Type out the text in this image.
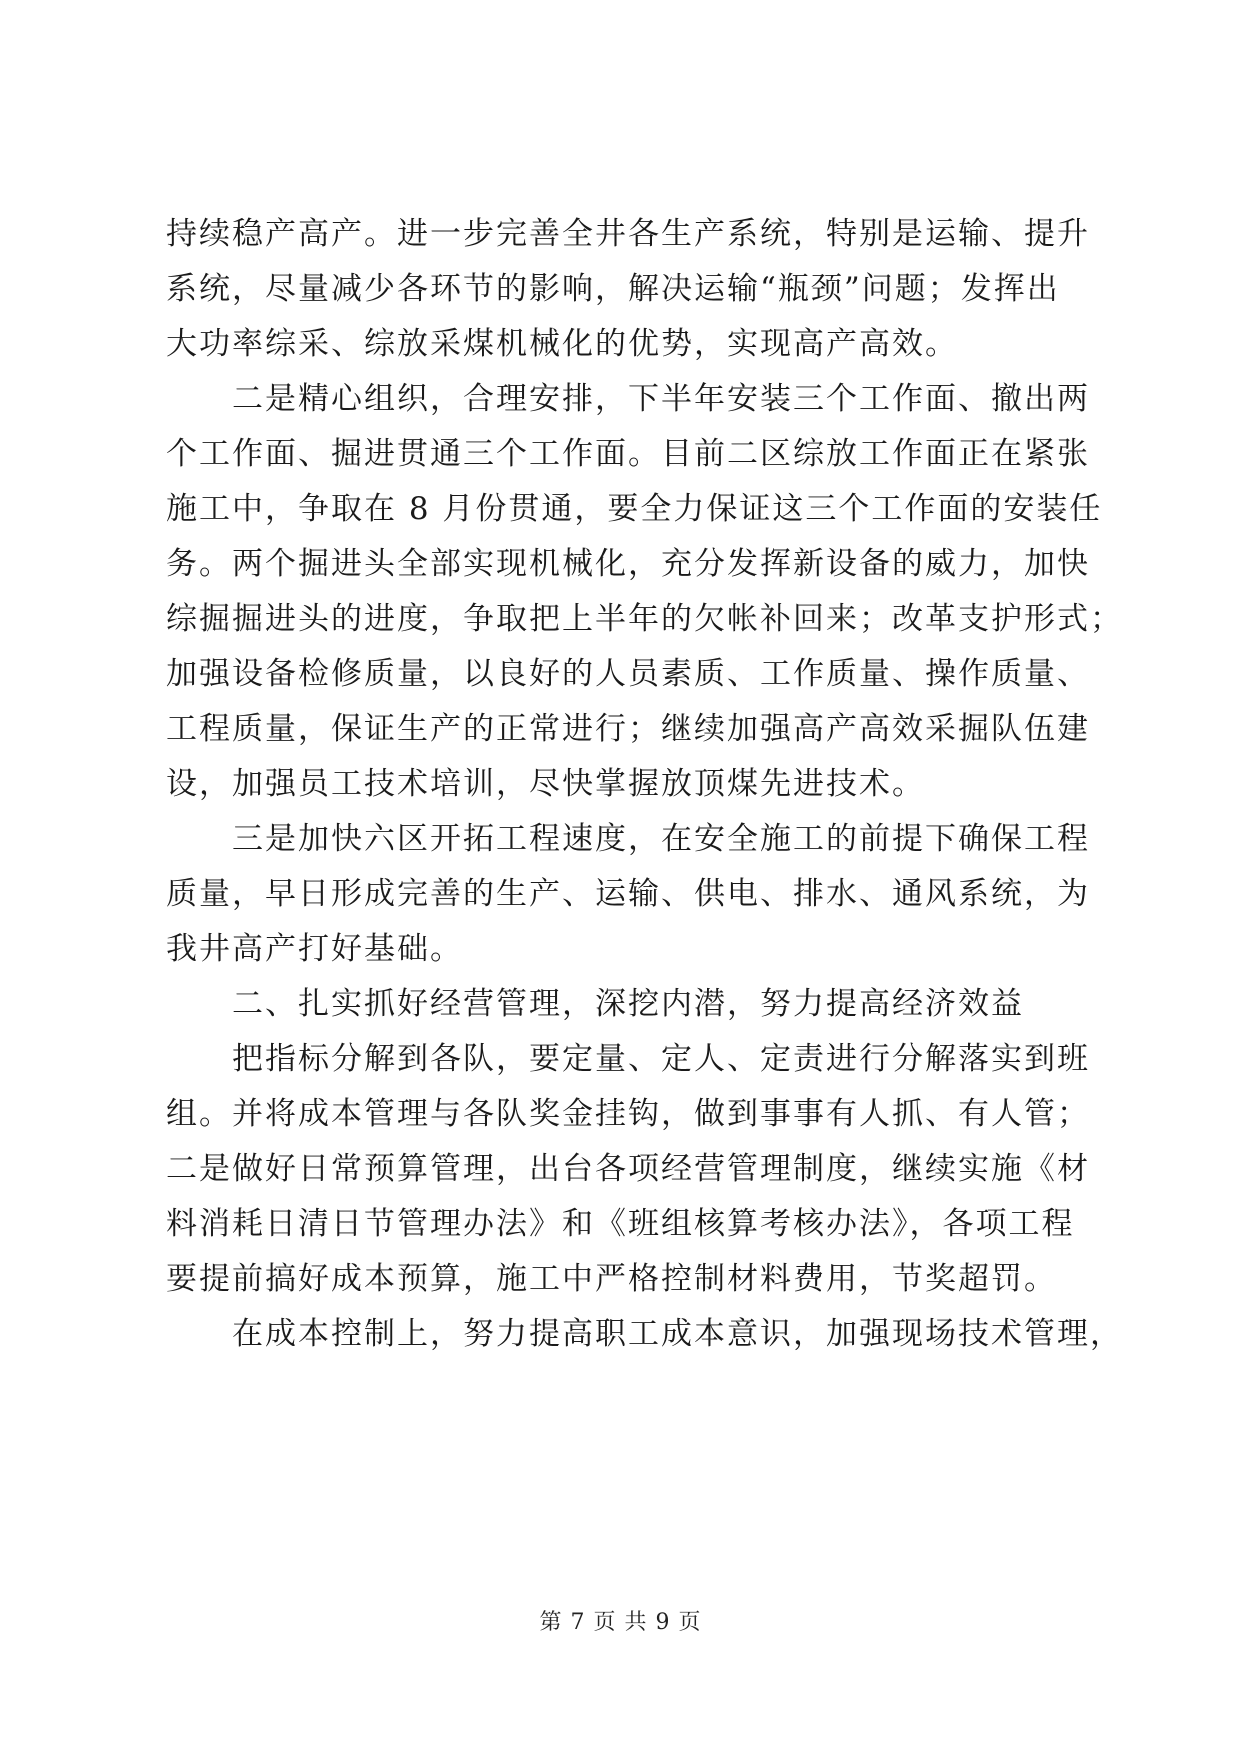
持续稳产高产。进一步完善全井各生产系统，特别是运输、提升
系统，尽量减少各环节的影响，解决运输“瓶颈”问题；发挥出
大功率综采、综放采煤机械化的优势，实现高产高效。
二是精心组织，合理安排，下半年安装三个工作面、撤出两
个工作面、掘进贯通三个工作面。目前二区综放工作面正在紧张
施工中，争取在 8 月份贯通，要全力保证这三个工作面的安装任
务。两个掘进头全部实现机械化，充分发挥新设备的威力，加快
综掘掘进头的进度，争取把上半年的欠帐补回来；改革支护形式；
加强设备检修质量，以良好的人员素质、工作质量、操作质量、
工程质量，保证生产的正常进行；继续加强高产高效采掘队伍建
设，加强员工技术培训，尽快掌握放顶煤先进技术。
三是加快六区开拓工程速度，在安全施工的前提下确保工程
质量，早日形成完善的生产、运输、供电、排水、通风系统，为
我井高产打好基础。
二、扎实抓好经营管理，深挖内潜，努力提高经济效益
把指标分解到各队，要定量、定人、定责进行分解落实到班
组。并将成本管理与各队奖金挂钩，做到事事有人抓、有人管；
二是做好日常预算管理，出台各项经营管理制度，继续实施《材
料消耗日清日节管理办法》和《班组核算考核办法》，各项工程
要提前搞好成本预算，施工中严格控制材料费用，节奖超罚。
在成本控制上，努力提高职工成本意识，加强现场技术管理，
第 7 页 共 9 页
